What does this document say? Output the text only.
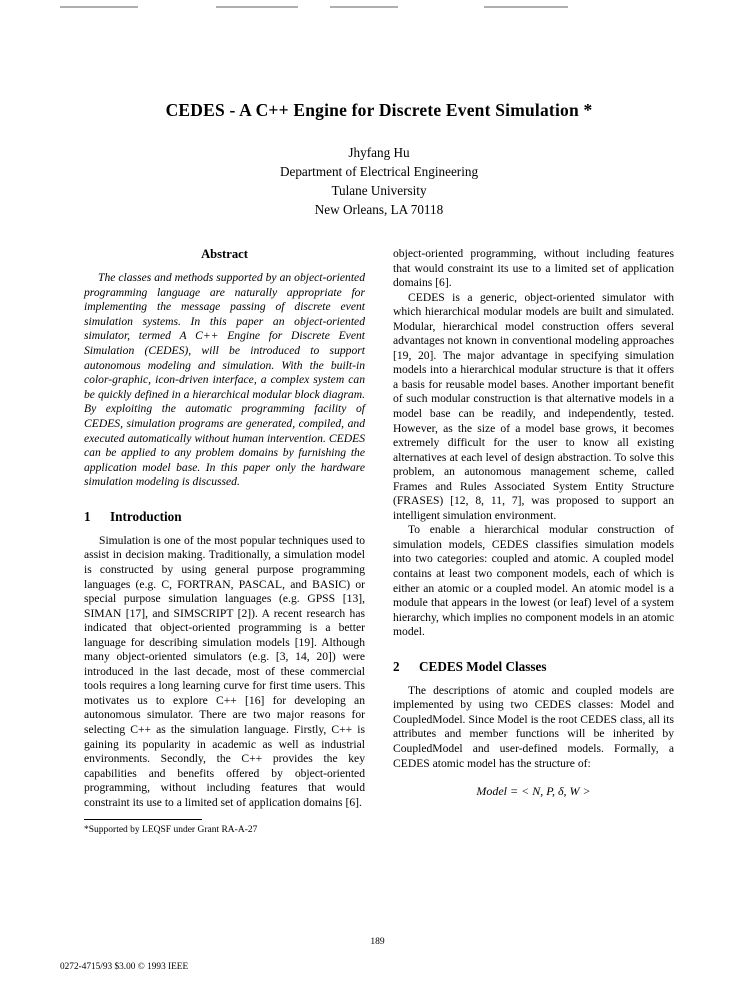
CEDES - A C++ Engine for Discrete Event Simulation *
Jhyfang Hu
Department of Electrical Engineering
Tulane University
New Orleans, LA 70118
Abstract

The classes and methods supported by an object-oriented programming language are naturally appropriate for implementing the message passing of discrete event simulation systems. In this paper an object-oriented simulator, termed A C++ Engine for Discrete Event Simulation (CEDES), will be introduced to support autonomous modeling and simulation. With the built-in color-graphic, icon-driven interface, a complex system can be quickly defined in a hierarchical modular block diagram. By exploiting the automatic programming facility of CEDES, simulation programs are generated, compiled, and executed automatically without human intervention. CEDES can be applied to any problem domains by furnishing the application model base. In this paper only the hardware simulation modeling is discussed.

1	Introduction

Simulation is one of the most popular techniques used to assist in decision making. Traditionally, a simulation model is constructed by using general purpose programming languages (e.g. C, FORTRAN, PASCAL, and BASIC) or special purpose simulation languages (e.g. GPSS [13], SIMAN [17], and SIMSCRIPT [2]). A recent research has indicated that object-oriented programming is a better language for describing simulation models [19]. Although many object-oriented simulators (e.g. [3, 14, 20]) were introduced in the last decade, most of these commercial tools requires a long learning curve for first time users. This motivates us to explore C++ [16] for developing an autonomous simulator. There are two major reasons for selecting C++ as the simulation language. Firstly, C++ is gaining its popularity in academic as well as industrial environments. Secondly, the C++ provides the key capabilities and benefits offered by object-oriented programming, without including features that would constraint its use to a limited set of application domains [6].

*Supported by LEQSF under Grant RA-A-27

object-oriented programming, without including features that would constraint its use to a limited set of application domains [6].

CEDES is a generic, object-oriented simulator with which hierarchical modular models are built and simulated. Modular, hierarchical model construction offers several advantages not known in conventional modeling approaches [19, 20]. The major advantage in specifying simulation models into a hierarchical modular structure is that it offers a basis for reusable model bases. Another important benefit of such modular construction is that alternative models in a model base can be readily, and independently, tested. However, as the size of a model base grows, it becomes extremely difficult for the user to know all existing alternatives at each level of design abstraction. To solve this problem, an autonomous management scheme, called Frames and Rules Associated System Entity Structure (FRASES) [12, 8, 11, 7], was proposed to support an intelligent simulation environment.

To enable a hierarchical modular construction of simulation models, CEDES classifies simulation models into two categories: coupled and atomic. A coupled model contains at least two component models, each of which is either an atomic or a coupled model. An atomic model is a module that appears in the lowest (or leaf) level of a system hierarchy, which implies no component models in an atomic model.

2	CEDES Model Classes

The descriptions of atomic and coupled models are implemented by using two CEDES classes: Model and CoupledModel. Since Model is the root CEDES class, all its attributes and member functions will be inherited by CoupledModel and user-defined models. Formally, a CEDES atomic model has the structure of:

Model = < N, P, δ, W >
189
0272-4715/93 $3.00 © 1993 IEEE
